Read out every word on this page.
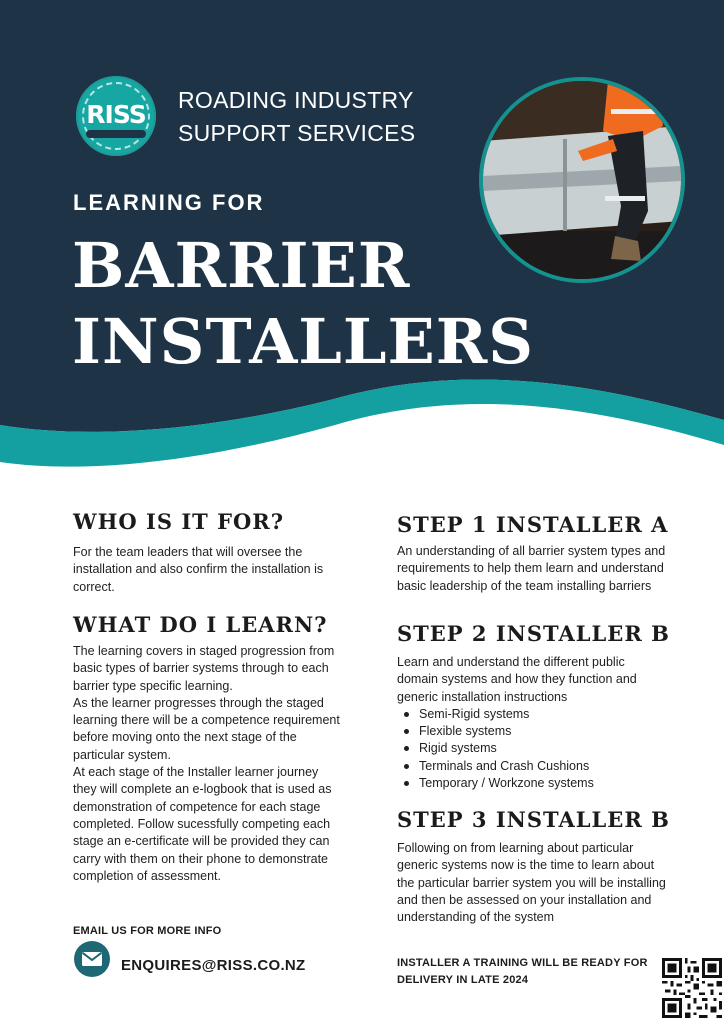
RISS	ROADING INDUSTRY
SUPPORT SERVICES
LEARNING FOR
BARRIER
INSTALLERS
WHO IS IT FOR?
For the team leaders that will oversee the installation and also confirm the installation is correct.
WHAT DO I LEARN?
The learning covers in staged progression from basic types of barrier systems through to each barrier type specific learning.
As the learner progresses through the staged learning there will be a competence requirement before moving onto the next stage of the particular system.
At each stage of the Installer learner journey they will complete an e-logbook that is used as demonstration of competence for each stage completed. Follow sucessfully competing each stage an e-certificate will be provided they can carry with them on their phone to demonstrate completion of assessment.
EMAIL US FOR MORE INFO
ENQUIRES@RISS.CO.NZ
STEP 1 INSTALLER A
An understanding of all barrier system types and requirements to help them learn and understand basic leadership of the team installing barriers
STEP 2 INSTALLER B
Learn and understand the different public domain systems and how they function and generic installation instructions
Semi-Rigid systems
Flexible systems
Rigid systems
Terminals and Crash Cushions
Temporary / Workzone systems
STEP 3 INSTALLER B
Following on from learning about particular generic systems now is the time to learn about the particular barrier system you will be installing and then be assessed on your installation and understanding of the system
INSTALLER A TRAINING WILL BE READY FOR DELIVERY IN LATE 2024
